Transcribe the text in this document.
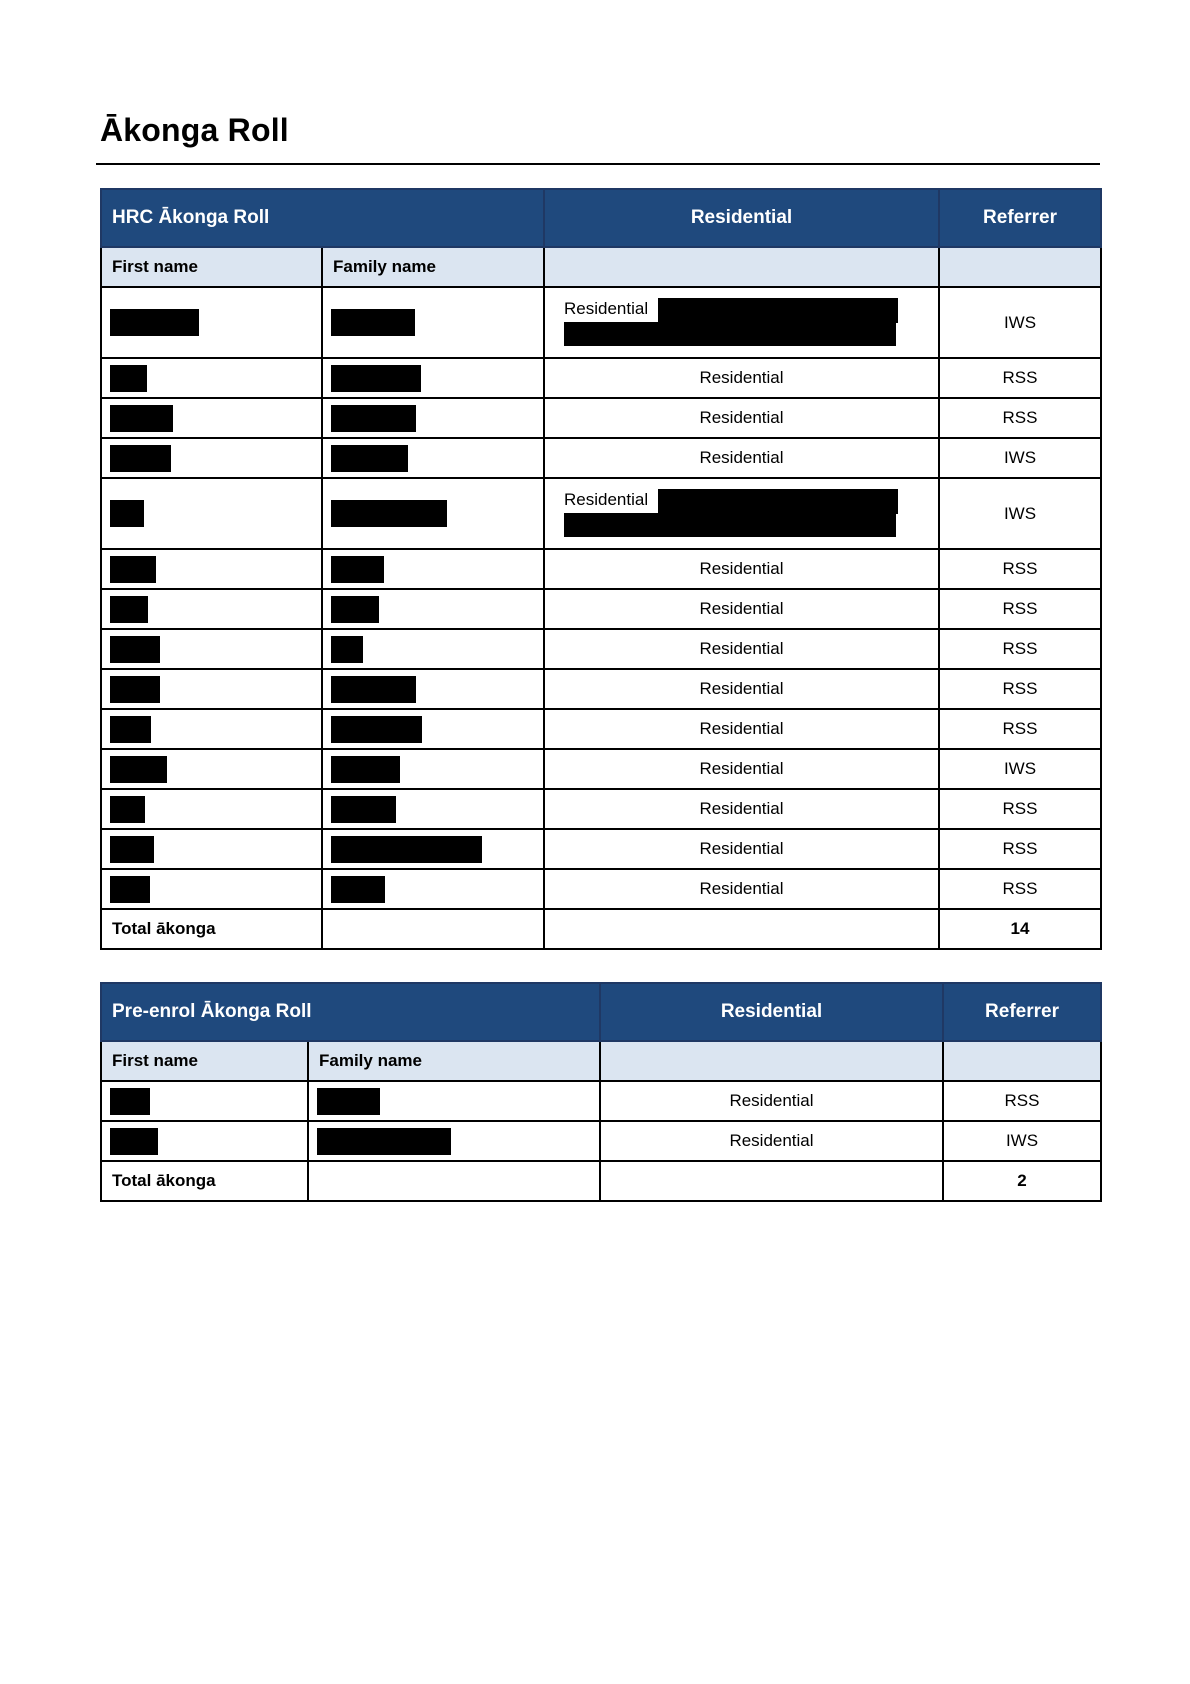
Ākonga Roll
HRC Ākonga Roll		Residential	Referrer
First name	Family name		

		Residential	IWS
		Residential	RSS
		Residential	RSS
		Residential	IWS

		Residential	IWS
		Residential	RSS
		Residential	RSS
		Residential	RSS
		Residential	RSS
		Residential	RSS
		Residential	IWS
		Residential	RSS
		Residential	RSS
		Residential	RSS
Total ākonga			14
Pre-enrol Ākonga Roll		Residential	Referrer
First name	Family name		
		Residential	RSS
		Residential	IWS
Total ākonga			2
